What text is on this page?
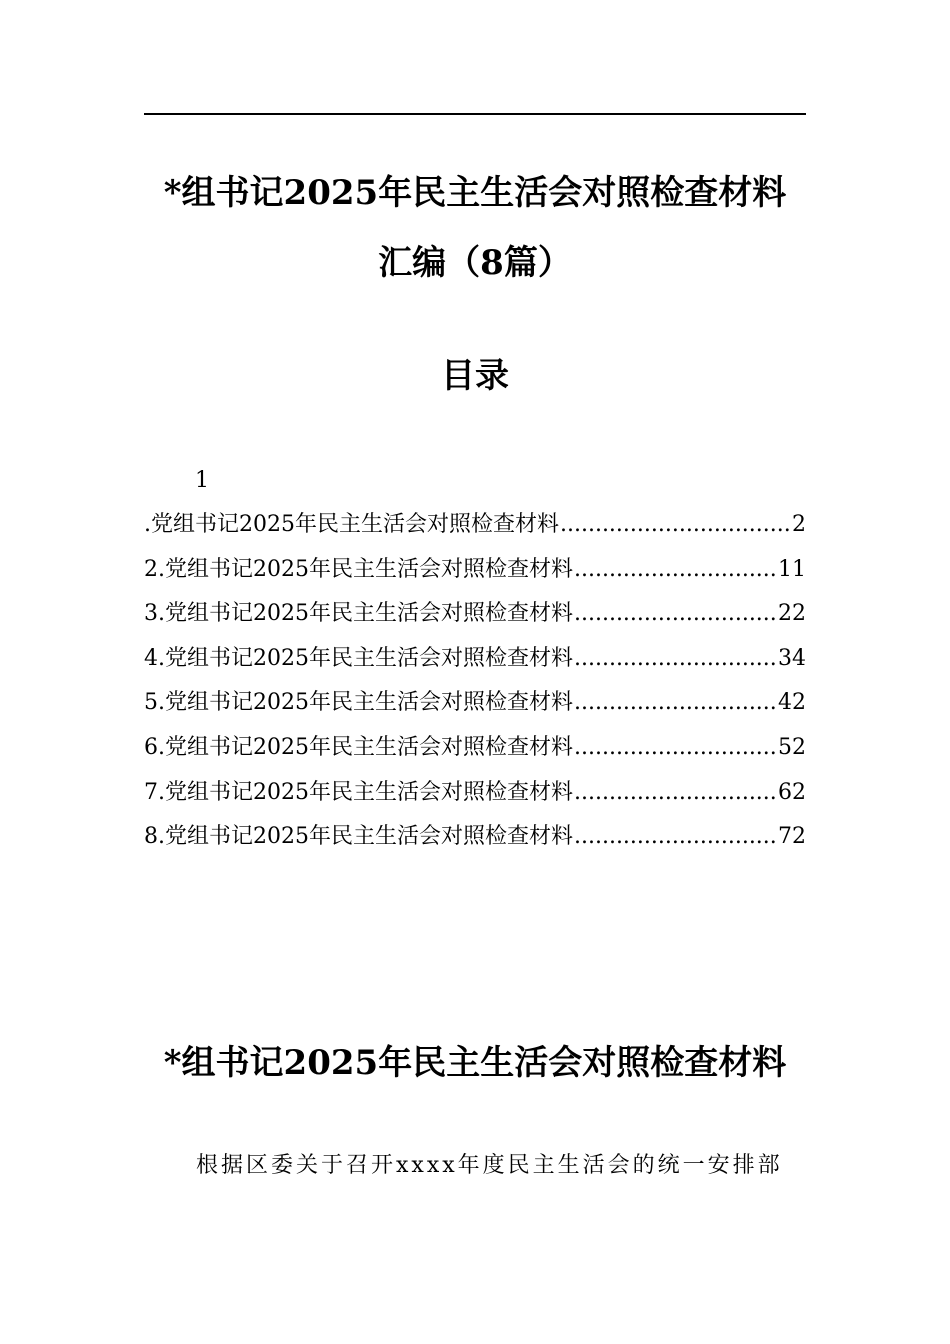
*组书记2025年民主生活会对照检查材料
汇编（8篇）
目录
1
.党组书记2025年民主生活会对照检查材料 .....	2
2.党组书记2025年民主生活会对照检查材料 .....	11
3.党组书记2025年民主生活会对照检查材料 .....	22
4.党组书记2025年民主生活会对照检查材料 .....	34
5.党组书记2025年民主生活会对照检查材料 .....	42
6.党组书记2025年民主生活会对照检查材料 .....	52
7.党组书记2025年民主生活会对照检查材料 .....	62
8.党组书记2025年民主生活会对照检查材料 .....	72
*组书记2025年民主生活会对照检查材料
根据区委关于召开xxxx年度民主生活会的统一安排部
